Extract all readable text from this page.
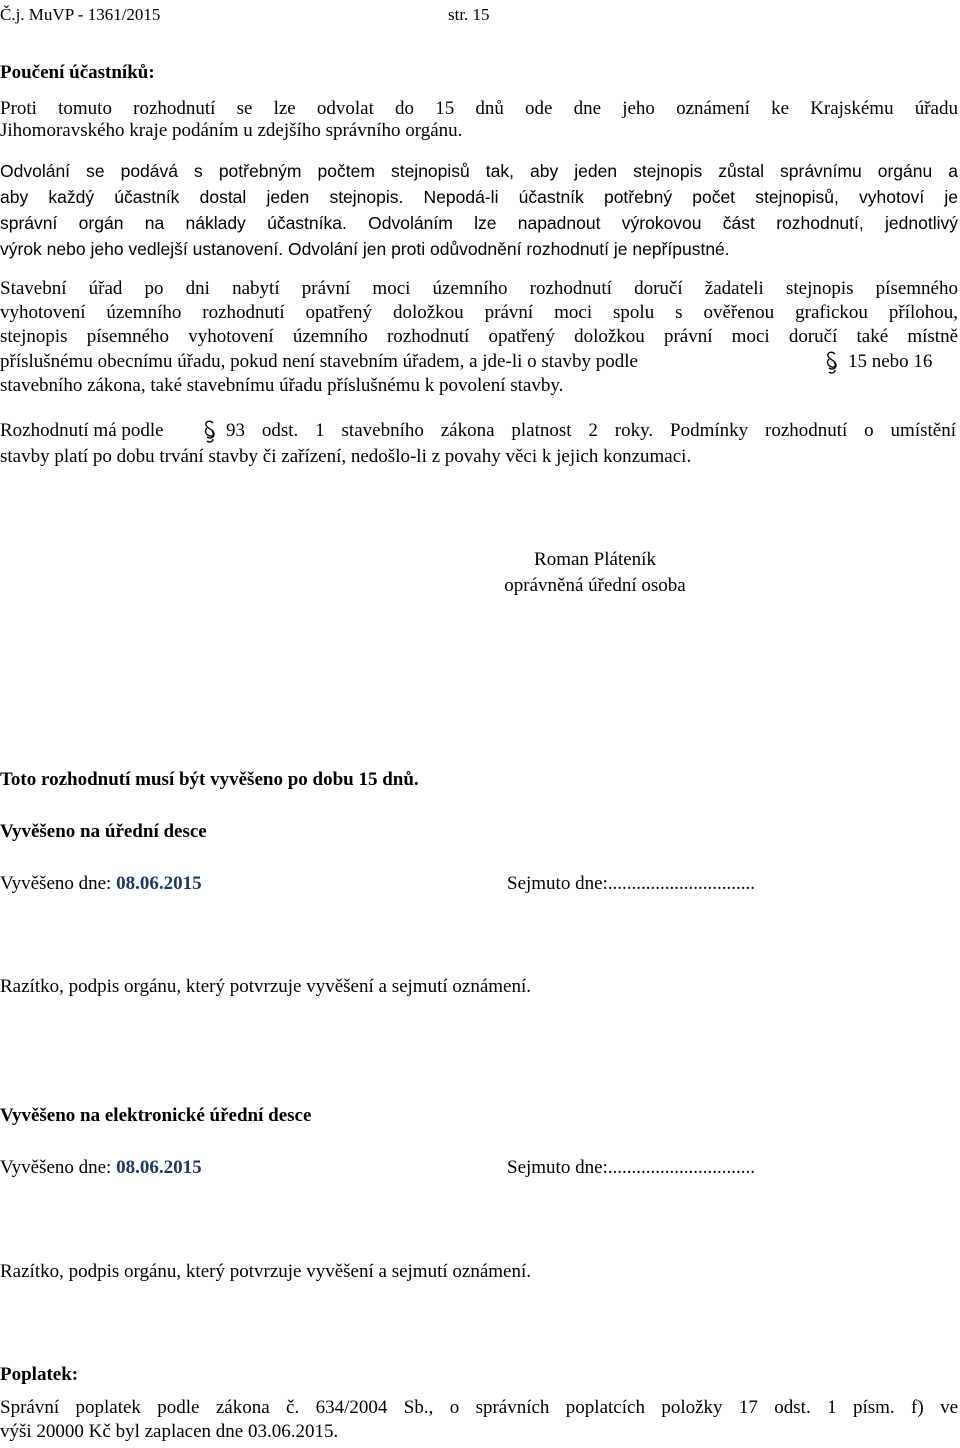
Č.j. MuVP - 1361/2015	str. 15
Poučení účastníků:
Proti tomuto rozhodnutí se lze odvolat do 15 dnů ode dne jeho oznámení ke Krajskému úřadu
Jihomoravského kraje podáním u zdejšího správního orgánu.
Odvolání se podává s potřebným počtem stejnopisů tak, aby jeden stejnopis zůstal správnímu orgánu a
aby každý účastník dostal jeden stejnopis. Nepodá-li účastník potřebný počet stejnopisů, vyhotoví je
správní orgán na náklady účastníka. Odvoláním lze napadnout výrokovou část rozhodnutí, jednotlivý
výrok nebo jeho vedlejší ustanovení. Odvolání jen proti odůvodnění rozhodnutí je nepřípustné.
Stavební úřad po dni nabytí právní moci územního rozhodnutí doručí žadateli stejnopis písemného
vyhotovení územního rozhodnutí opatřený doložkou právní moci spolu s ověřenou grafickou přílohou,
stejnopis písemného vyhotovení územního rozhodnutí opatřený doložkou právní moci doručí také místně
příslušnému obecnímu úřadu, pokud není stavebním úřadem, a jde-li o stavby podle	15 nebo 16
stavebního zákona, také stavebnímu úřadu příslušnému k povolení stavby.
Rozhodnutí má podle	93 odst. 1 stavebního zákona platnost 2 roky. Podmínky rozhodnutí o umístění
stavby platí po dobu trvání stavby či zařízení, nedošlo-li z povahy věci k jejich konzumaci.
Roman Pláteník
oprávněná úřední osoba
Toto rozhodnutí musí být vyvěšeno po dobu 15 dnů.
Vyvěšeno na úřední desce
Vyvěšeno dne: 08.06.2015	Sejmuto dne:...............................
Razítko, podpis orgánu, který potvrzuje vyvěšení a sejmutí oznámení.
Vyvěšeno na elektronické úřední desce
Vyvěšeno dne: 08.06.2015	Sejmuto dne:...............................
Razítko, podpis orgánu, který potvrzuje vyvěšení a sejmutí oznámení.
Poplatek:
Správní poplatek podle zákona č. 634/2004 Sb., o správních poplatcích položky 17 odst. 1 písm. f) ve
výši 20000 Kč byl zaplacen dne 03.06.2015.
